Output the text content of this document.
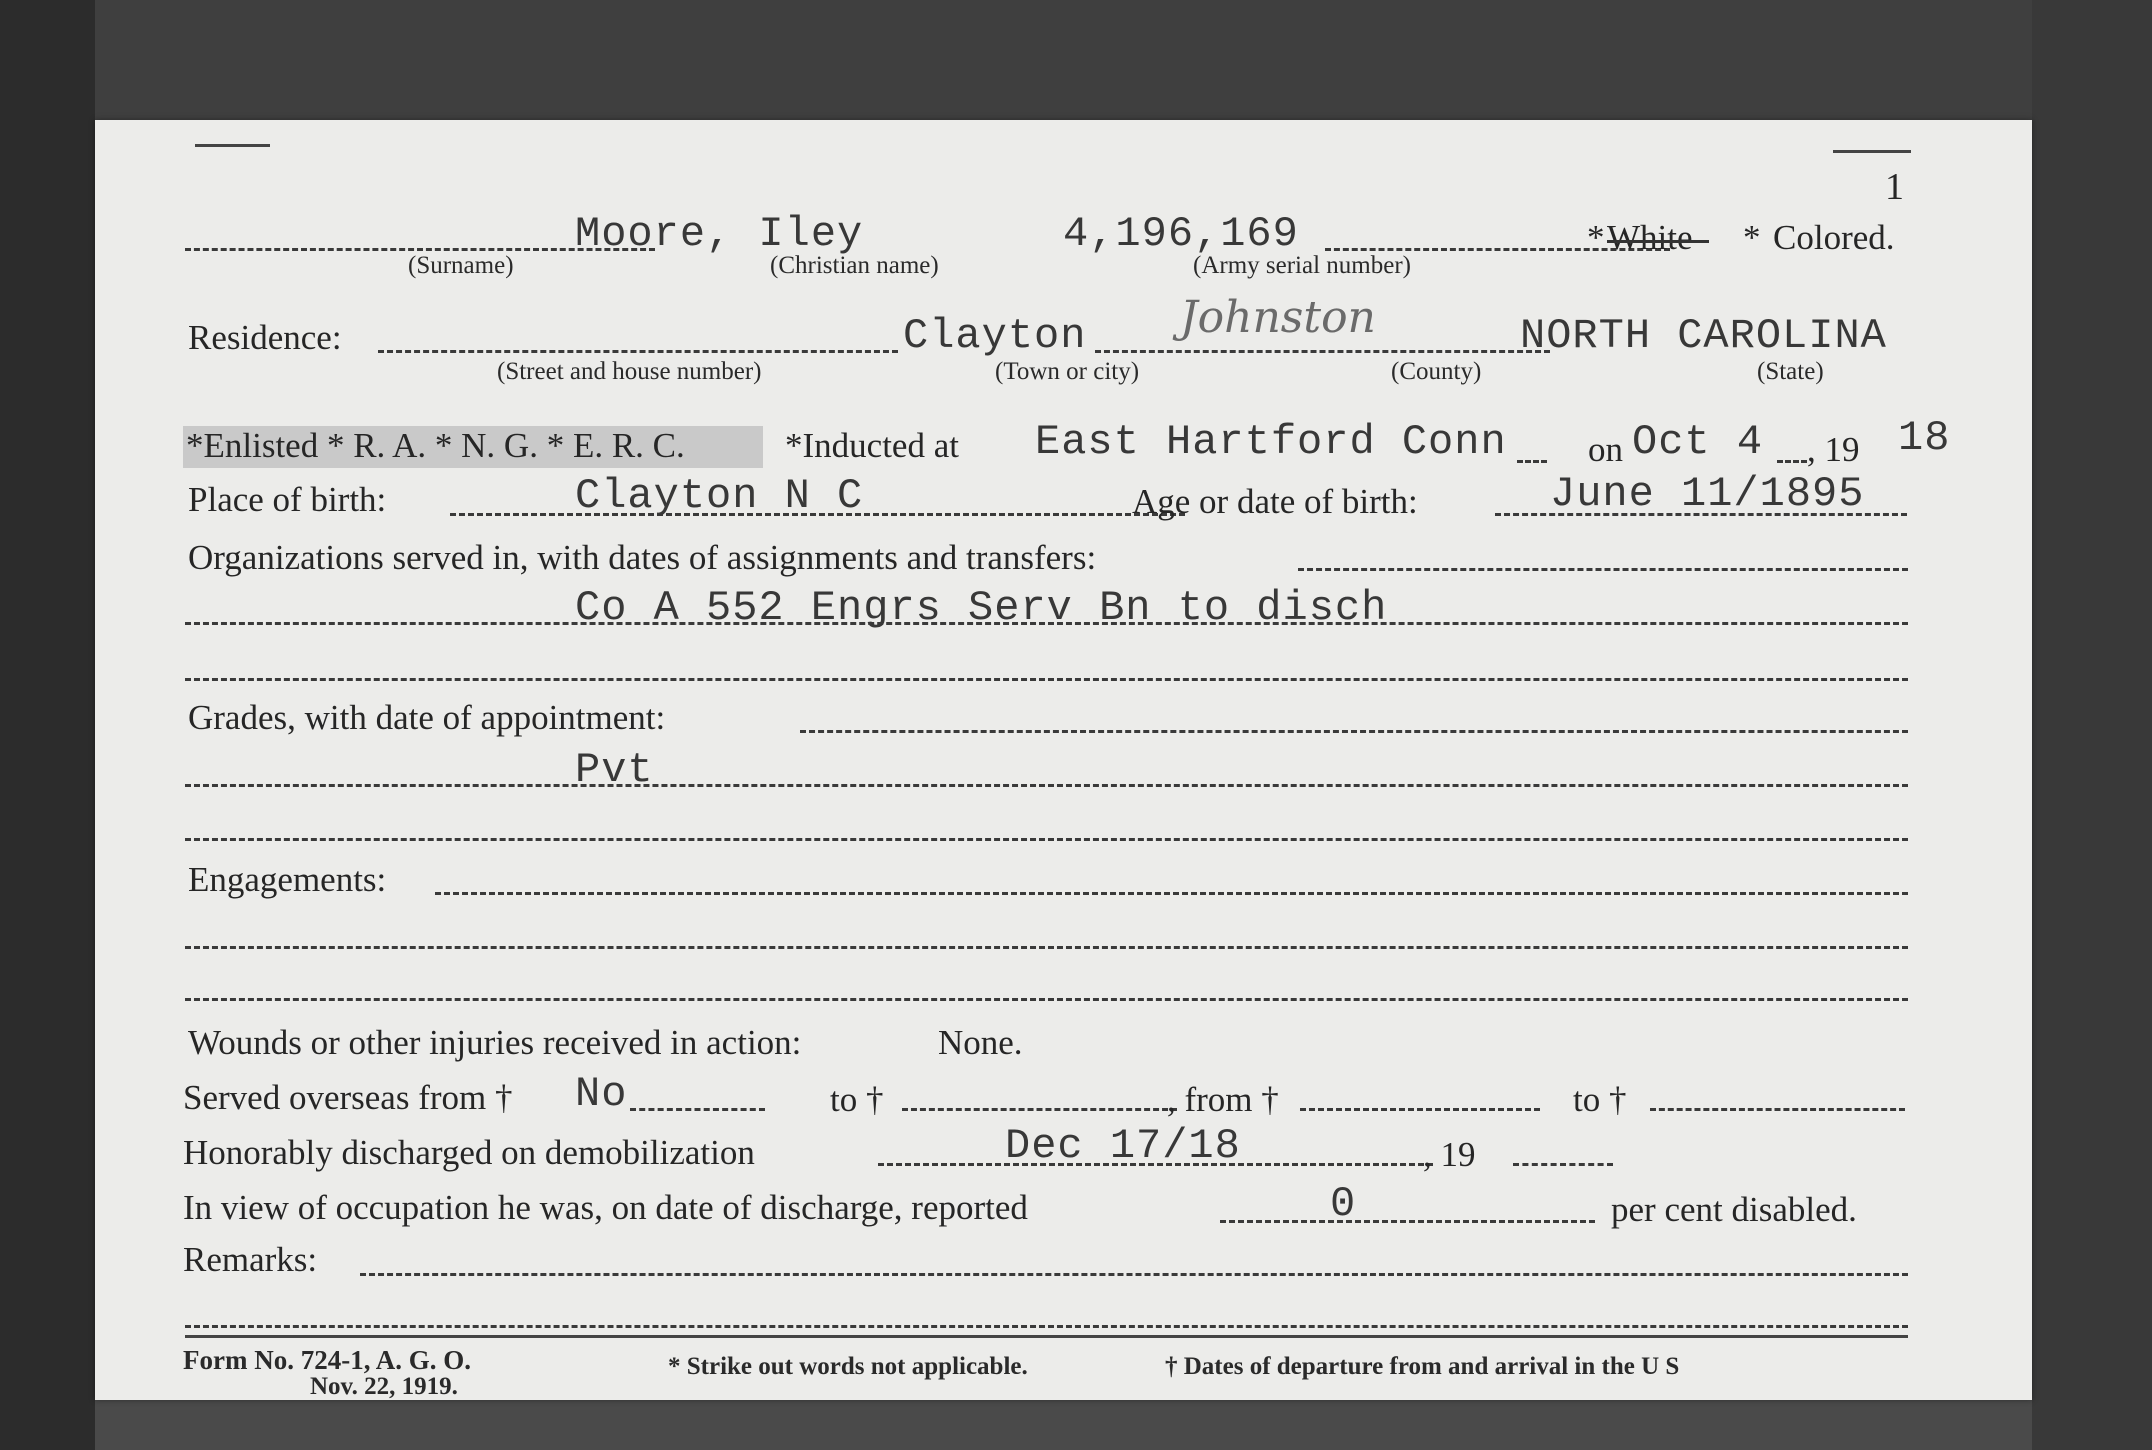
1
Moore, Iley	4,196,169	* White * Colored.
(Surname)	(Christian name)	(Army serial number)
Residence:	Clayton Johnston	NORTH CAROLINA
(Street and house number)	(Town or city)	(County)	(State)
*Enlisted * R. A. * N. G. * E. R. C.	*Inducted at East Hartford Conn on Oct 4 , 19 18
Place of birth:	Clayton N C	Age or date of birth:	June 11/1895
Organizations served in, with dates of assignments and transfers:
Co A 552 Engrs Serv Bn to disch
Grades, with date of appointment:
Pvt
Engagements:
Wounds or other injuries received in action:	None.
Served overseas from † No	to †	, from †	to †
Honorably discharged on demobilization	Dec 17/18	, 19
In view of occupation he was, on date of discharge, reported	0	per cent disabled.
Remarks:
Form No. 724-1, A. G. O.
Nov. 22, 1919.
* Strike out words not applicable.	† Dates of departure from and arrival in the U S
